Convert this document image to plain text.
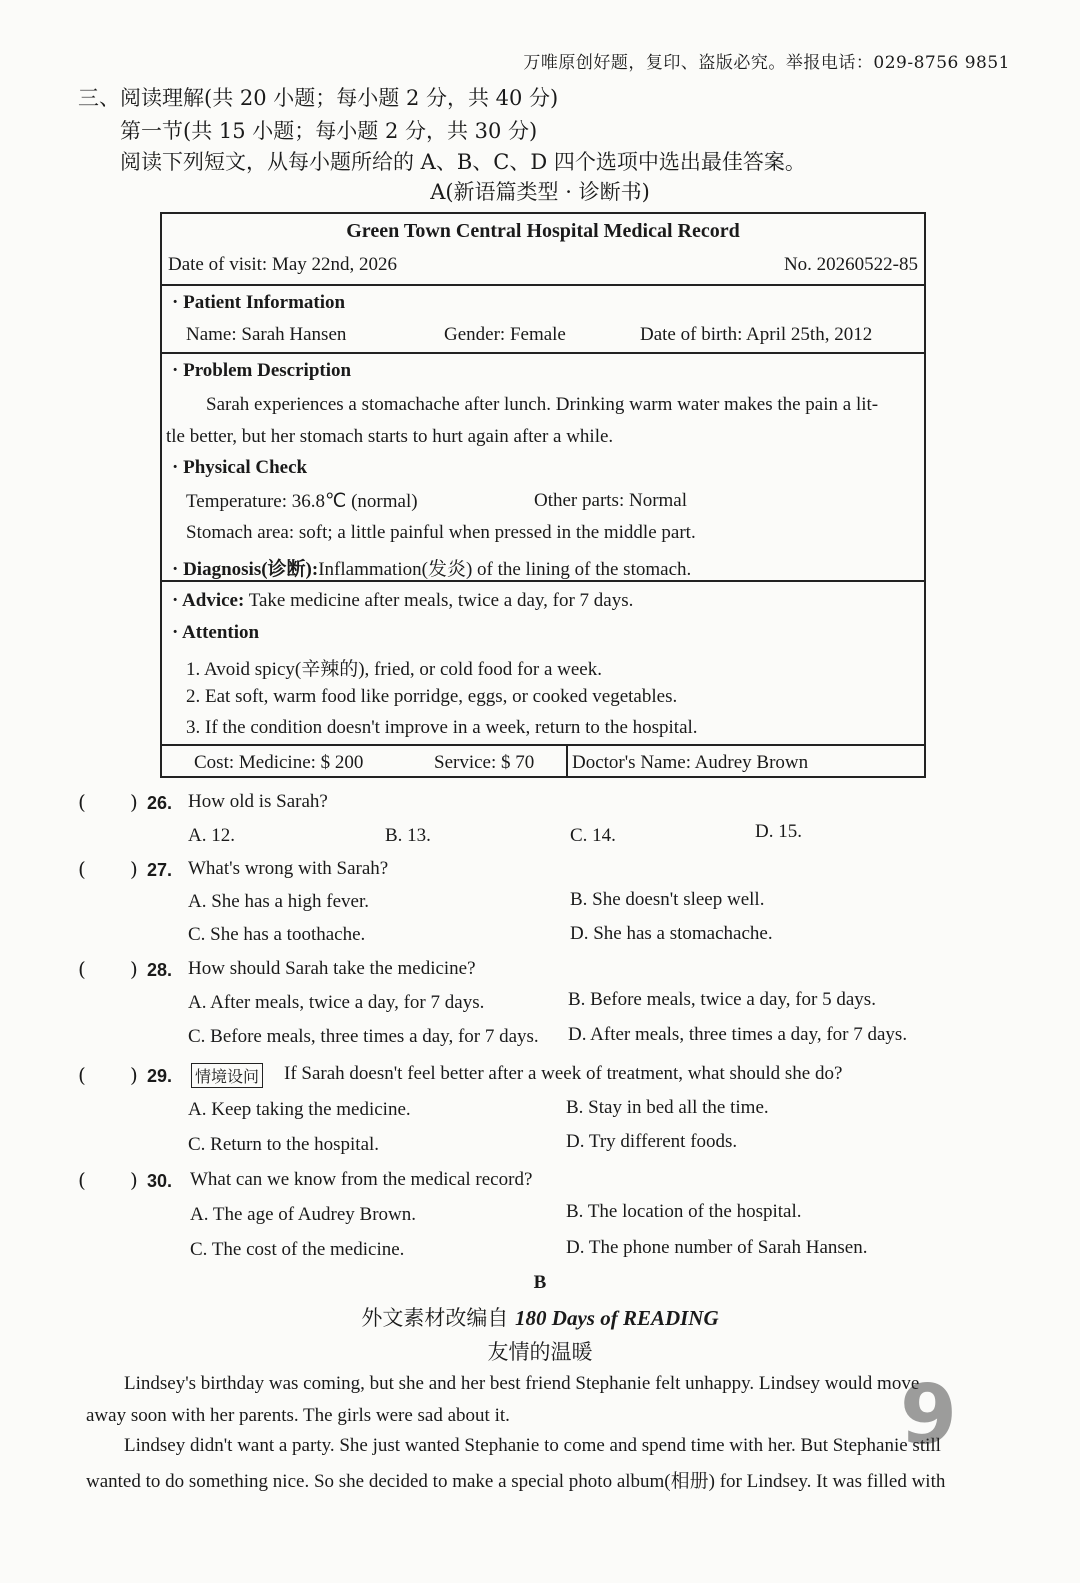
万唯原创好题，复印、盗版必究。举报电话：029-8756 9851
三、阅读理解(共 20 小题；每小题 2 分，共 40 分)
第一节(共 15 小题；每小题 2 分，共 30 分)
阅读下列短文，从每小题所给的 A、B、C、D 四个选项中选出最佳答案。
A(新语篇类型 · 诊断书)
Green Town Central Hospital Medical Record
Date of visit: May 22nd, 2026	No. 20260522-85
· Patient Information
Name: Sarah Hansen	Gender: Female	Date of birth: April 25th, 2012
· Problem Description
Sarah experiences a stomachache after lunch. Drinking warm water makes the pain a lit-
tle better, but her stomach starts to hurt again after a while.
· Physical Check
Temperature: 36.8℃ (normal)	Other parts: Normal
Stomach area: soft; a little painful when pressed in the middle part.
· Diagnosis(诊断):Inflammation(发炎) of the lining of the stomach.
· Advice: Take medicine after meals, twice a day, for 7 days.
· Attention
1. Avoid spicy(辛辣的), fried, or cold food for a week.
2. Eat soft, warm food like porridge, eggs, or cooked vegetables.
3. If the condition doesn't improve in a week, return to the hospital.
Cost: Medicine: $ 200	Service: $ 70 Doctor's Name: Audrey Brown
( ) 26. How old is Sarah?
A. 12.	B. 13.	C. 14.	D. 15.
( ) 27. What's wrong with Sarah?
A. She has a high fever.	B. She doesn't sleep well.
C. She has a toothache.	D. She has a stomachache.
( ) 28. How should Sarah take the medicine?
A. After meals, twice a day, for 7 days.	B. Before meals, twice a day, for 5 days.
C. Before meals, three times a day, for 7 days. D. After meals, three times a day, for 7 days.
( ) 29. 情境设问 If Sarah doesn't feel better after a week of treatment, what should she do?
A. Keep taking the medicine.	B. Stay in bed all the time.
C. Return to the hospital.	D. Try different foods.
( ) 30. What can we know from the medical record?
A. The age of Audrey Brown.	B. The location of the hospital.
C. The cost of the medicine.	D. The phone number of Sarah Hansen.
B
外文素材改编自 180 Days of READING
友情的温暖
Lindsey's birthday was coming, but she and her best friend Stephanie felt unhappy. Lindsey would move
away soon with her parents. The girls were sad about it.
Lindsey didn't want a party. She just wanted Stephanie to come and spend time with her. But Stephanie still
wanted to do something nice. So she decided to make a special photo album(相册) for Lindsey. It was filled with
9
